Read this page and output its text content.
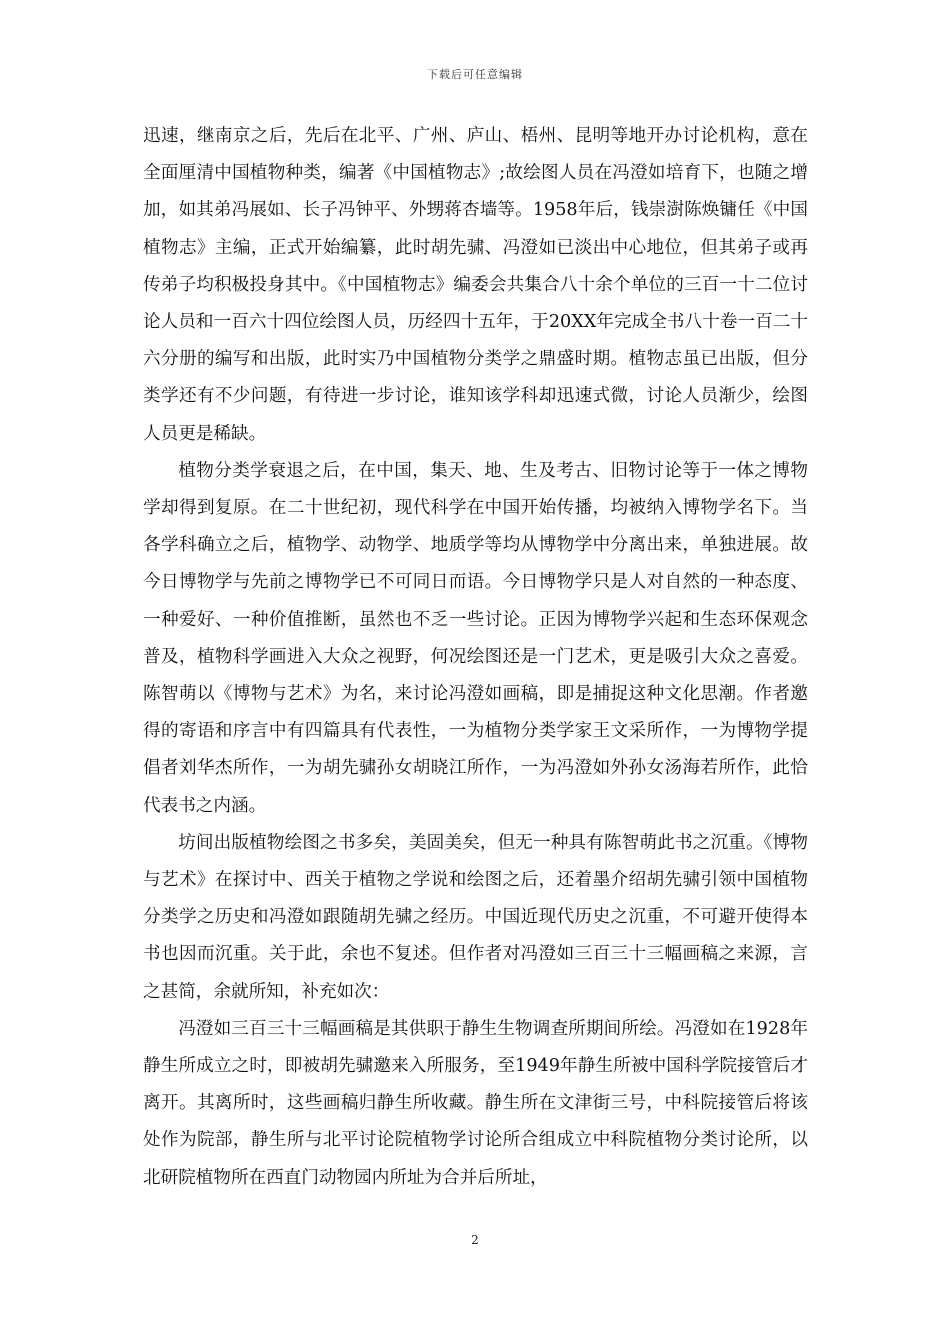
下载后可任意编辑

迅速，继南京之后，先后在北平、广州、庐山、梧州、昆明等地开办讨论机构，意在全面厘清中国植物种类，编著《中国植物志》;故绘图人员在冯澄如培育下，也随之增加，如其弟冯展如、长子冯钟平、外甥蒋杏墙等。1958年后，钱崇澍陈焕镛任《中国植物志》主编，正式开始编纂，此时胡先骕、冯澄如已淡出中心地位，但其弟子或再传弟子均积极投身其中。《中国植物志》编委会共集合八十余个单位的三百一十二位讨论人员和一百六十四位绘图人员，历经四十五年，于20XX年完成全书八十卷一百二十六分册的编写和出版，此时实乃中国植物分类学之鼎盛时期。植物志虽已出版，但分类学还有不少问题，有待进一步讨论，谁知该学科却迅速式微，讨论人员渐少，绘图人员更是稀缺。

植物分类学衰退之后，在中国，集天、地、生及考古、旧物讨论等于一体之博物学却得到复原。在二十世纪初，现代科学在中国开始传播，均被纳入博物学名下。当各学科确立之后，植物学、动物学、地质学等均从博物学中分离出来，单独进展。故今日博物学与先前之博物学已不可同日而语。今日博物学只是人对自然的一种态度、一种爱好、一种价值推断，虽然也不乏一些讨论。正因为博物学兴起和生态环保观念普及，植物科学画进入大众之视野，何况绘图还是一门艺术，更是吸引大众之喜爱。陈智萌以《博物与艺术》为名，来讨论冯澄如画稿，即是捕捉这种文化思潮。作者邀得的寄语和序言中有四篇具有代表性，一为植物分类学家王文采所作，一为博物学提倡者刘华杰所作，一为胡先骕孙女胡晓江所作，一为冯澄如外孙女汤海若所作，此恰代表书之内涵。

坊间出版植物绘图之书多矣，美固美矣，但无一种具有陈智萌此书之沉重。《博物与艺术》在探讨中、西关于植物之学说和绘图之后，还着墨介绍胡先骕引领中国植物分类学之历史和冯澄如跟随胡先骕之经历。中国近现代历史之沉重，不可避开使得本书也因而沉重。关于此，余也不复述。但作者对冯澄如三百三十三幅画稿之来源，言之甚简，余就所知，补充如次：

冯澄如三百三十三幅画稿是其供职于静生生物调查所期间所绘。冯澄如在1928年静生所成立之时，即被胡先骕邀来入所服务，至1949年静生所被中国科学院接管后才离开。其离所时，这些画稿归静生所收藏。静生所在文津街三号，中科院接管后将该处作为院部，静生所与北平讨论院植物学讨论所合组成立中科院植物分类讨论所，以北研院植物所在西直门动物园内所址为合并后所址，

2
